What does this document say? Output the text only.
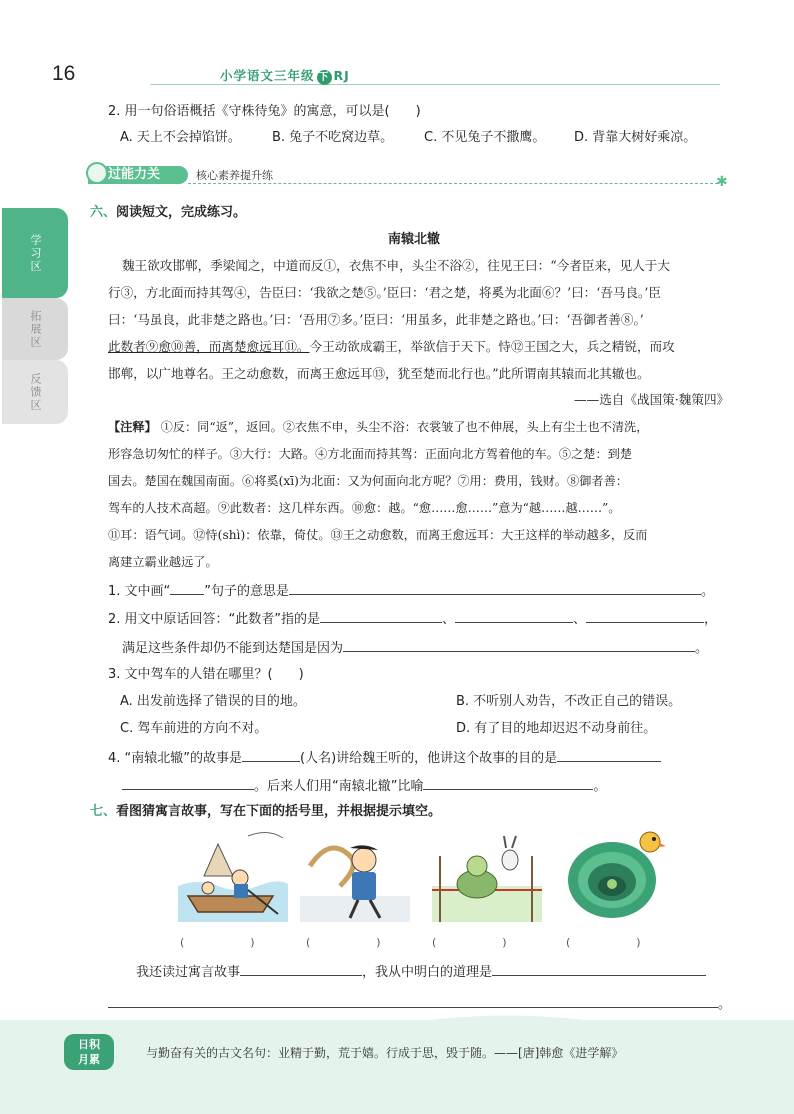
16	小学语文三年级 下 RJ
学习区
拓展区
反馈区
2. 用一句俗语概括《守株待兔》的寓意，可以是(　　)
A. 天上不会掉馅饼。 B. 兔子不吃窝边草。 C. 不见兔子不撒鹰。 D. 背靠大树好乘凉。
过能力关	核心素养提升练	✱
六、阅读短文，完成练习。
南辕北辙
魏王欲攻邯郸，季梁闻之，中道而反①，衣焦不申，头尘不浴②，往见王曰：“今者臣来，见人于大
行③，方北面而持其驾④，告臣曰：‘我欲之楚⑤。’臣曰：‘君之楚，将奚为北面⑥？’曰：‘吾马良。’臣
曰：‘马虽良，此非楚之路也。’曰：‘吾用⑦多。’臣曰：‘用虽多，此非楚之路也。’曰：‘吾御者善⑧。’
此数者⑨愈⑩善，而离楚愈远耳⑪。今王动欲成霸王，举欲信于天下。恃⑫王国之大，兵之精锐，而攻
邯郸，以广地尊名。王之动愈数，而离王愈远耳⑬，犹至楚而北行也。”此所谓南其辕而北其辙也。
——选自《战国策·魏策四》
【注释】 ①反：同“返”，返回。②衣焦不申，头尘不浴：衣裳皱了也不伸展，头上有尘土也不清洗，
形容急切匆忙的样子。③大行：大路。④方北面而持其驾：正面向北方驾着他的车。⑤之楚：到楚
国去。楚国在魏国南面。⑥将奚(xī)为北面：又为何面向北方呢？⑦用：费用，钱财。⑧御者善：
驾车的人技术高超。⑨此数者：这几样东西。⑩愈：越。“愈……愈……”意为“越……越……”。
⑪耳：语气词。⑫恃(shì)：依靠，倚仗。⑬王之动愈数，而离王愈远耳：大王这样的举动越多，反而
离建立霸业越远了。
1. 文中画“	”句子的意思是	。
2. 用文中原话回答：“此数者”指的是	、	、	，
满足这些条件却仍不能到达楚国是因为	。
3. 文中驾车的人错在哪里？(　　)
A. 出发前选择了错误的目的地。	B. 不听别人劝告，不改正自己的错误。
C. 驾车前进的方向不对。	D. 有了目的地却迟迟不动身前往。
4. “南辕北辙”的故事是	(人名)讲给魏王听的，他讲这个故事的目的是
。后来人们用“南辕北辙”比喻	。
七、看图猜寓言故事，写在下面的括号里，并根据提示填空。
(　　　　　　)	(　　　　　　)	(　　　　　　)	(　　　　　　)
我还读过寓言故事	，我从中明白的道理是
。
日积
月累	与勤奋有关的古文名句：业精于勤，荒于嬉。行成于思，毁于随。——[唐]韩愈《进学解》
